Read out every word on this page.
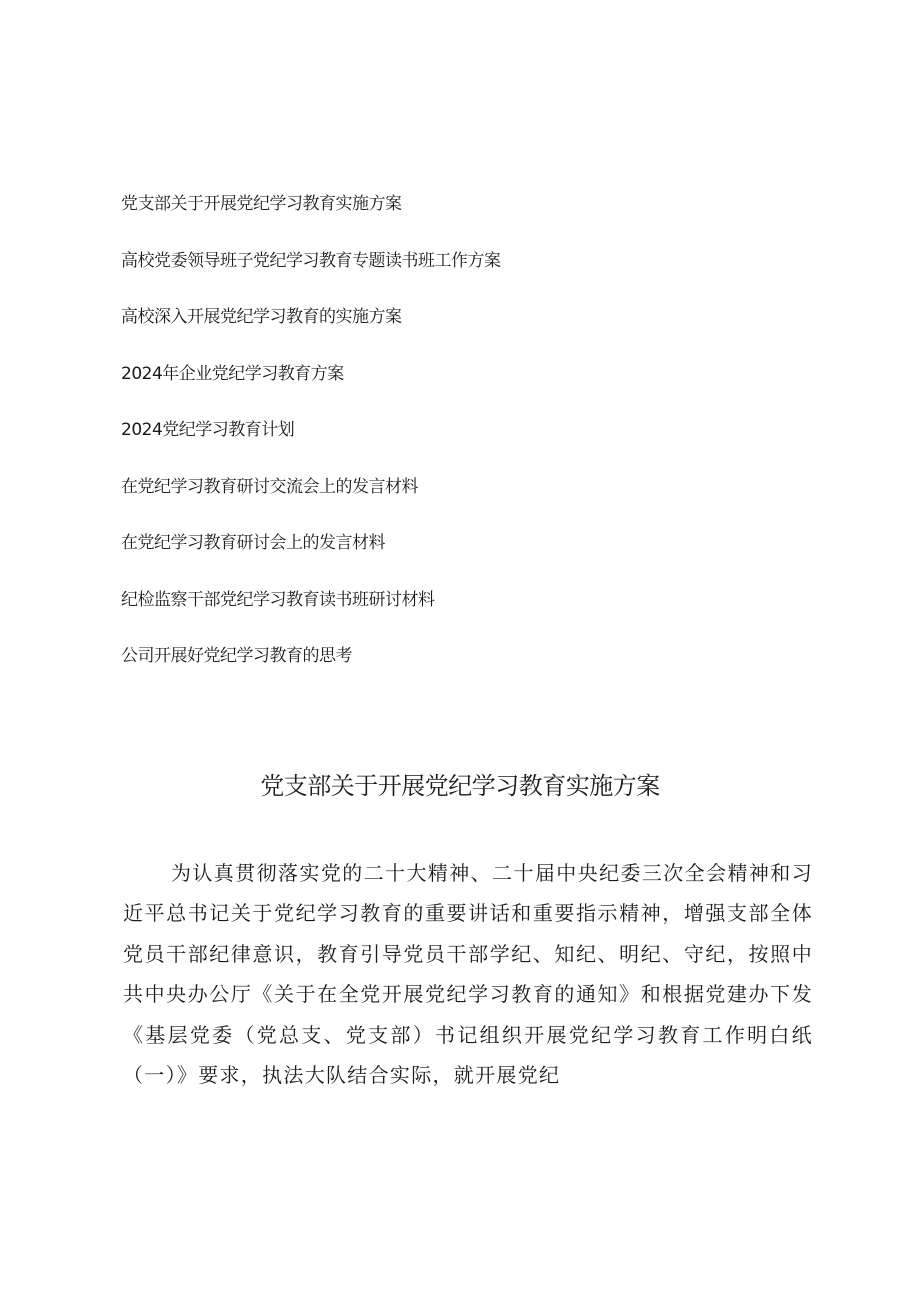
党支部关于开展党纪学习教育实施方案
高校党委领导班子党纪学习教育专题读书班工作方案
高校深入开展党纪学习教育的实施方案
2024年企业党纪学习教育方案
2024党纪学习教育计划
在党纪学习教育研讨交流会上的发言材料
在党纪学习教育研讨会上的发言材料
纪检监察干部党纪学习教育读书班研讨材料
公司开展好党纪学习教育的思考
党支部关于开展党纪学习教育实施方案

为认真贯彻落实党的二十大精神、二十届中央纪委三次全会精神和习近平总书记关于党纪学习教育的重要讲话和重要指示精神，增强支部全体党员干部纪律意识，教育引导党员干部学纪、知纪、明纪、守纪，按照中共中央办公厅《关于在全党开展党纪学习教育的通知》和根据党建办下发《基层党委（党总支、党支部）书记组织开展党纪学习教育工作明白纸（一）》要求，执法大队结合实际，就开展党纪
